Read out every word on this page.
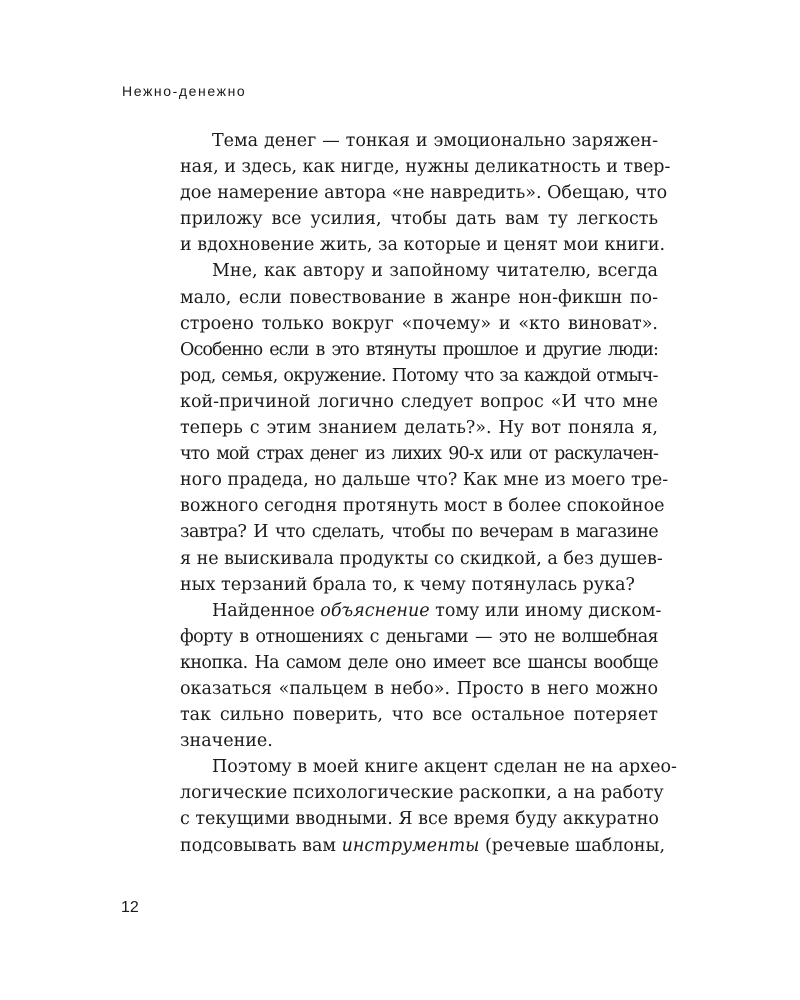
Нежно-денежно
Тема денег — тонкая и эмоционально заряжен-
ная, и здесь, как нигде, нужны деликатность и твер-
дое намерение автора «не навредить». Обещаю, что
приложу все усилия, чтобы дать вам ту легкость
и вдохновение жить, за которые и ценят мои книги.
Мне, как автору и запойному читателю, всегда
мало, если повествование в жанре нон-фикшн по-
строено только вокруг «почему» и «кто виноват».
Особенно если в это втянуты прошлое и другие люди:
род, семья, окружение. Потому что за каждой отмыч-
кой-причиной логично следует вопрос «И что мне
теперь с этим знанием делать?». Ну вот поняла я,
что мой страх денег из лихих 90-х или от раскулачен-
ного прадеда, но дальше что? Как мне из моего тре-
вожного сегодня протянуть мост в более спокойное
завтра? И что сделать, чтобы по вечерам в магазине
я не выискивала продукты со скидкой, а без душев-
ных терзаний брала то, к чему потянулась рука?
Найденное объяснение тому или иному диском-
форту в отношениях с деньгами — это не волшебная
кнопка. На самом деле оно имеет все шансы вообще
оказаться «пальцем в небо». Просто в него можно
так сильно поверить, что все остальное потеряет
значение.
Поэтому в моей книге акцент сделан не на архео-
логические психологические раскопки, а на работу
с текущими вводными. Я все время буду аккуратно
подсовывать вам инструменты (речевые шаблоны,
12
